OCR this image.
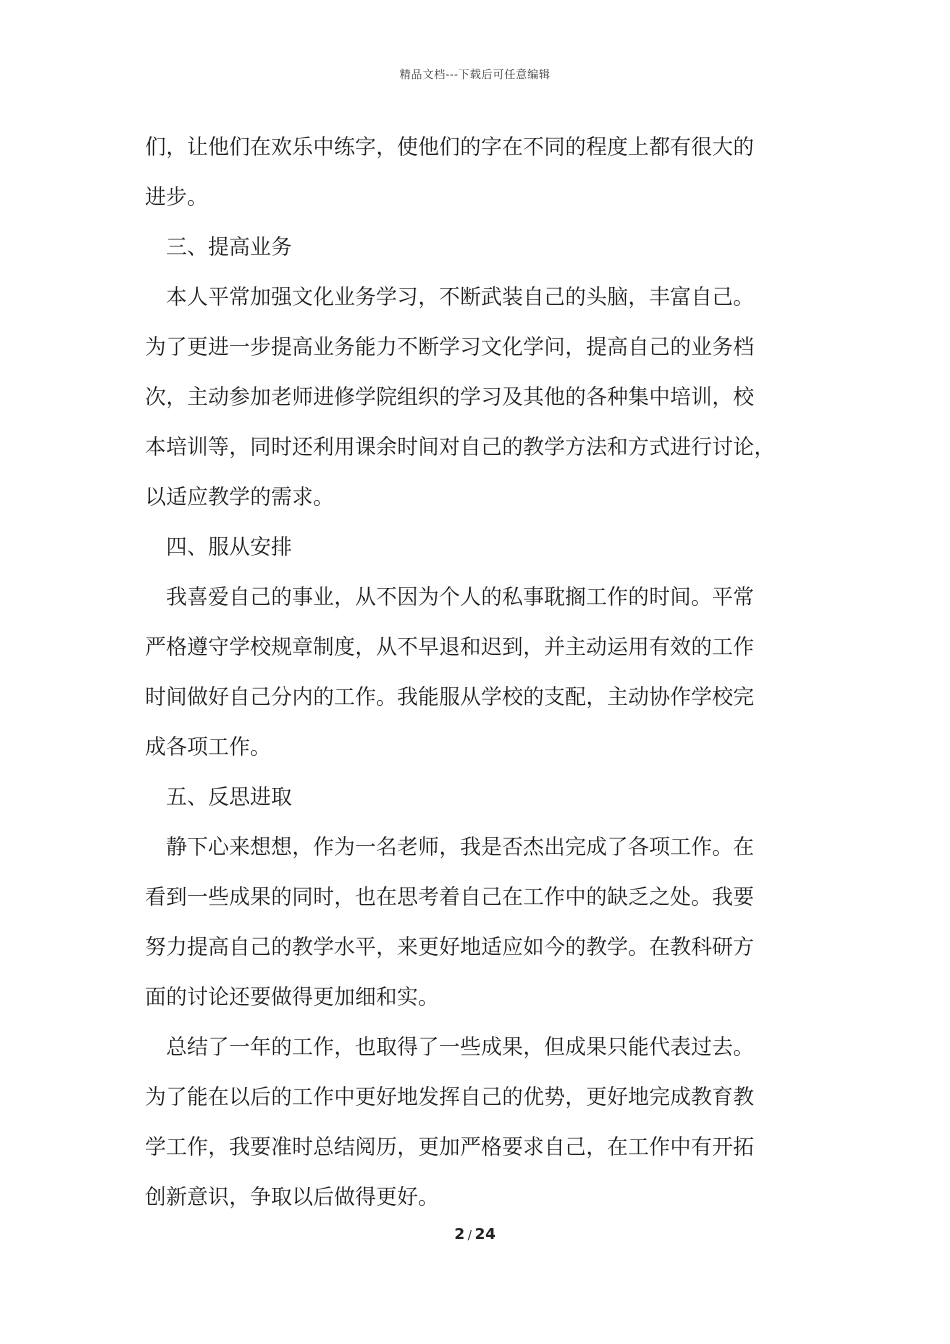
精品文档---下载后可任意编辑
们，让他们在欢乐中练字，使他们的字在不同的程度上都有很大的
进步。
三、提高业务
本人平常加强文化业务学习，不断武装自己的头脑，丰富自己。
为了更进一步提高业务能力不断学习文化学问，提高自己的业务档
次，主动参加老师进修学院组织的学习及其他的各种集中培训，校
本培训等，同时还利用课余时间对自己的教学方法和方式进行讨论，
以适应教学的需求。
四、服从安排
我喜爱自己的事业，从不因为个人的私事耽搁工作的时间。平常
严格遵守学校规章制度，从不早退和迟到，并主动运用有效的工作
时间做好自己分内的工作。我能服从学校的支配，主动协作学校完
成各项工作。
五、反思进取
静下心来想想，作为一名老师，我是否杰出完成了各项工作。在
看到一些成果的同时，也在思考着自己在工作中的缺乏之处。我要
努力提高自己的教学水平，来更好地适应如今的教学。在教科研方
面的讨论还要做得更加细和实。
总结了一年的工作，也取得了一些成果，但成果只能代表过去。
为了能在以后的工作中更好地发挥自己的优势，更好地完成教育教
学工作，我要准时总结阅历，更加严格要求自己，在工作中有开拓
创新意识，争取以后做得更好。
2 / 24
